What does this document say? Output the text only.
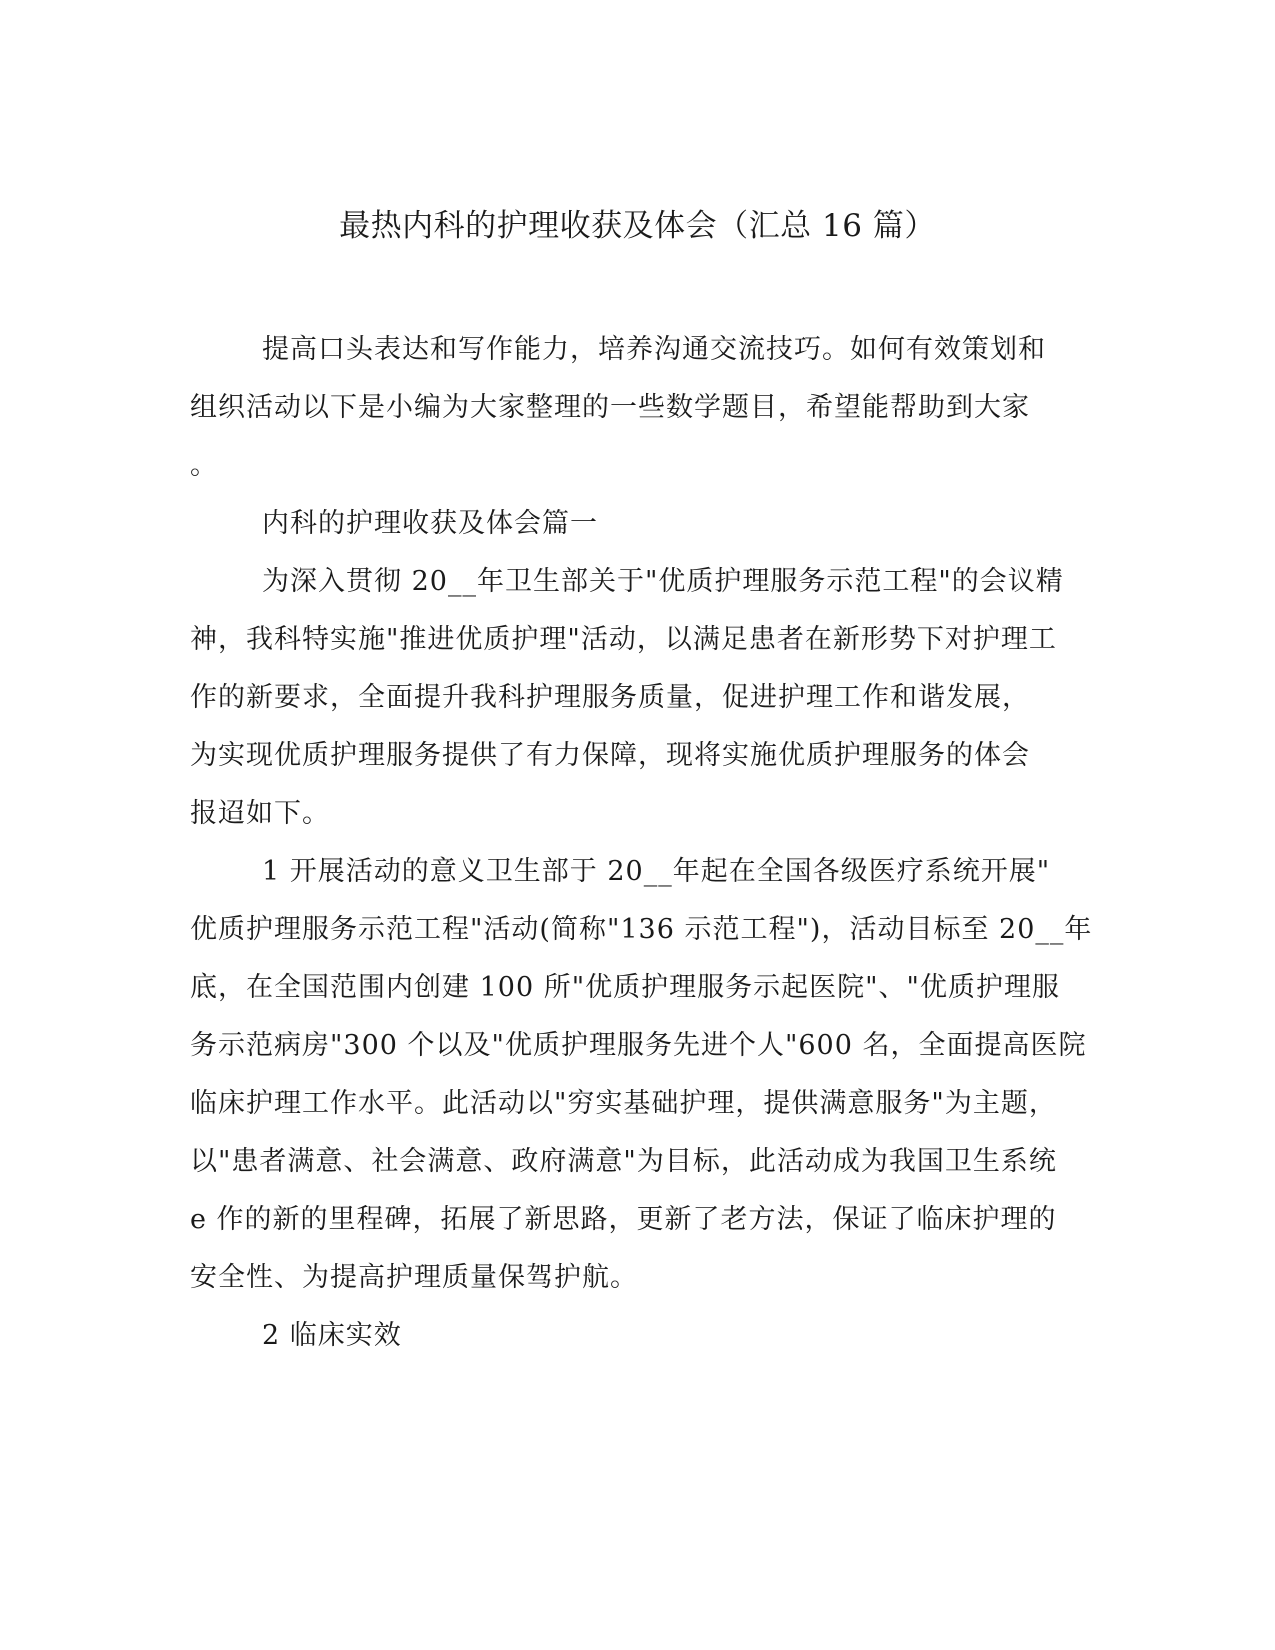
最热内科的护理收获及体会（汇总 16 篇）
提高口头表达和写作能力，培养沟通交流技巧。如何有效策划和
组织活动以下是小编为大家整理的一些数学题目，希望能帮助到大家
。
内科的护理收获及体会篇一
为深入贯彻 20__年卫生部关于"优质护理服务示范工程"的会议精
神，我科特实施"推进优质护理"活动，以满足患者在新形势下对护理工
作的新要求，全面提升我科护理服务质量，促进护理工作和谐发展，
为实现优质护理服务提供了有力保障，现将实施优质护理服务的体会
报迢如下。
1 开展活动的意义卫生部于 20__年起在全国各级医疗系统开展"
优质护理服务示范工程"活动(简称"136 示范工程")，活动目标至 20__年
底，在全国范围内创建 100 所"优质护理服务示起医院"、"优质护理服
务示范病房"300 个以及"优质护理服务先进个人"600 名，全面提高医院
临床护理工作水平。此活动以"穷实基础护理，提供满意服务"为主题，
以"患者满意、社会满意、政府满意"为目标，此活动成为我国卫生系统
e 作的新的里程碑，拓展了新思路，更新了老方法，保证了临床护理的
安全性、为提高护理质量保驾护航。
2 临床实效
